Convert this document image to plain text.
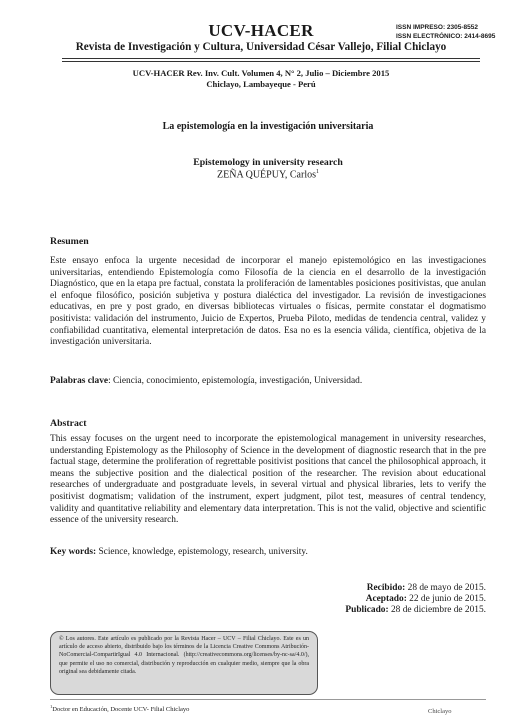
UCV-HACER	ISSN IMPRESO: 2305-8552
ISSN ELECTRÓNICO: 2414-8695
Revista de Investigación y Cultura, Universidad César Vallejo, Filial Chiclayo
UCV-HACER Rev. Inv. Cult. Volumen 4, N° 2, Julio – Diciembre 2015
Chiclayo, Lambayeque - Perú
La epistemología en la investigación universitaria
Epistemology in university research
ZEÑA QUÉPUY, Carlos$^1$
Resumen
Este ensayo enfoca la urgente necesidad de incorporar el manejo epistemológico en las investigaciones universitarias, entendiendo Epistemología como Filosofía de la ciencia en el desarrollo de la investigación Diagnóstico, que en la etapa pre factual, constata la proliferación de lamentables posiciones positivistas, que anulan el enfoque filosófico, posición subjetiva y postura dialéctica del investigador. La revisión de investigaciones educativas, en pre y post grado, en diversas bibliotecas virtuales o físicas, permite constatar el dogmatismo positivista: validación del instrumento, Juicio de Expertos, Prueba Piloto, medidas de tendencia central, validez y confiabilidad cuantitativa, elemental interpretación de datos. Esa no es la esencia válida, científica, objetiva de la investigación universitaria.
Palabras clave: Ciencia, conocimiento, epistemología, investigación, Universidad.
Abstract
This essay focuses on the urgent need to incorporate the epistemological management in university researches, understanding Epistemology as the Philosophy of Science in the development of diagnostic research that in the pre factual stage, determine the proliferation of regrettable positivist positions that cancel the philosophical approach, it means the subjective position and the dialectical position of the researcher. The revision about educational researches of undergraduate and postgraduate levels, in several virtual and physical libraries, lets to verify the positivist dogmatism; validation of the instrument, expert judgment, pilot test, measures of central tendency, validity and quantitative reliability and elementary data interpretation. This is not the valid, objective and scientific essence of the university research.
Key words: Science, knowledge, epistemology, research, university.
Recibido: 28 de mayo de 2015.
Aceptado: 22 de junio de 2015.
Publicado: 28 de diciembre de 2015.
© Los autores. Este artículo es publicado por la Revista Hacer – UCV – Filial Chiclayo. Este es un artículo de acceso abierto, distribuido bajo los términos de la Licencia Creative Commons Atribución-NoComercial-CompartirIgual 4.0 Internacional. (http://creativecommons.org/licenses/by-nc-sa/4.0/), que permite el uso no comercial, distribución y reproducción en cualquier medio, siempre que la obra original sea debidamente citada.
$^1$Doctor en Educación, Docente UCV- Filial Chiclayo	Chiclayo
